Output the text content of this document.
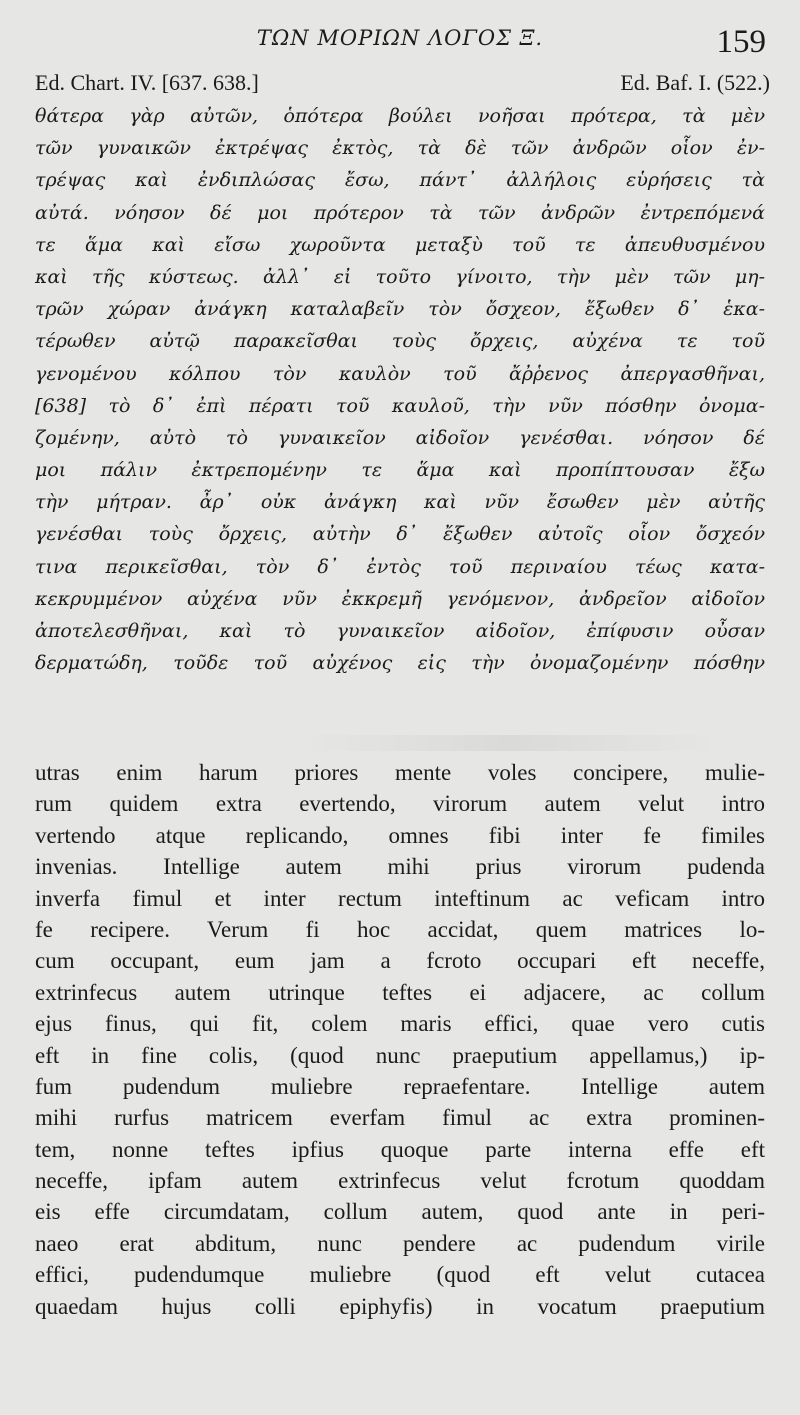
ΤΩΝ ΜΟΡΙΩΝ ΛΟΓΟΣ Ξ.	159
Ed. Chart. IV. [637. 638.]	Ed. Baf. I. (522.)
θάτερα γὰρ αὐτῶν, ὁπότερα βούλει νοῆσαι πρότερα, τὰ μὲν
τῶν γυναικῶν ἐκτρέψας ἐκτὸς, τὰ δὲ τῶν ἀνδρῶν οἷον ἐν-
τρέψας καὶ ἐνδιπλώσας ἔσω, πάντ᾽ ἀλλήλοις εὑρήσεις τὰ
αὐτά. νόησον δέ μοι πρότερον τὰ τῶν ἀνδρῶν ἐντρεπόμενά
τε ἅμα καὶ εἴσω χωροῦντα μεταξὺ τοῦ τε ἀπευθυσμένου
καὶ τῆς κύστεως. ἀλλ᾽ εἰ τοῦτο γίνοιτο, τὴν μὲν τῶν μη-
τρῶν χώραν ἀνάγκη καταλαβεῖν τὸν ὄσχεον, ἔξωθεν δ᾽ ἑκα-
τέρωθεν αὐτῷ παρακεῖσθαι τοὺς ὄρχεις, αὐχένα τε τοῦ
γενομένου κόλπου τὸν καυλὸν τοῦ ἄῤῥενος ἀπεργασθῆναι,
[638] τὸ δ᾽ ἐπὶ πέρατι τοῦ καυλοῦ, τὴν νῦν πόσθην ὀνομα-
ζομένην, αὐτὸ τὸ γυναικεῖον αἰδοῖον γενέσθαι. νόησον δέ
μοι πάλιν ἐκτρεπομένην τε ἅμα καὶ προπίπτουσαν ἔξω
τὴν μήτραν. ἆρ᾽ οὐκ ἀνάγκη καὶ νῦν ἔσωθεν μὲν αὐτῆς
γενέσθαι τοὺς ὄρχεις, αὐτὴν δ᾽ ἔξωθεν αὐτοῖς οἷον ὄσχεόν
τινα περικεῖσθαι, τὸν δ᾽ ἐντὸς τοῦ περιναίου τέως κατα-
κεκρυμμένον αὐχένα νῦν ἐκκρεμῆ γενόμενον, ἀνδρεῖον αἰδοῖον
ἀποτελεσθῆναι, καὶ τὸ γυναικεῖον αἰδοῖον, ἐπίφυσιν οὖσαν
δερματώδη, τοῦδε τοῦ αὐχένος εἰς τὴν ὀνομαζομένην πόσθην
utras enim harum priores mente voles concipere, mulie-
rum quidem extra evertendo, virorum autem velut intro
vertendo atque replicando, omnes fibi inter fe fimiles
invenias. Intellige autem mihi prius virorum pudenda
inverfa fimul et inter rectum inteftinum ac veficam intro
fe recipere. Verum fi hoc accidat, quem matrices lo-
cum occupant, eum jam a fcroto occupari eft neceffe,
extrinfecus autem utrinque teftes ei adjacere, ac collum
ejus finus, qui fit, colem maris effici, quae vero cutis
eft in fine colis, (quod nunc praeputium appellamus,) ip-
fum pudendum muliebre repraefentare. Intellige autem
mihi rurfus matricem everfam fimul ac extra prominen-
tem, nonne teftes ipfius quoque parte interna effe eft
neceffe, ipfam autem extrinfecus velut fcrotum quoddam
eis effe circumdatam, collum autem, quod ante in peri-
naeo erat abditum, nunc pendere ac pudendum virile
effici, pudendumque muliebre (quod eft velut cutacea
quaedam hujus colli epiphyfis) in vocatum praeputium
